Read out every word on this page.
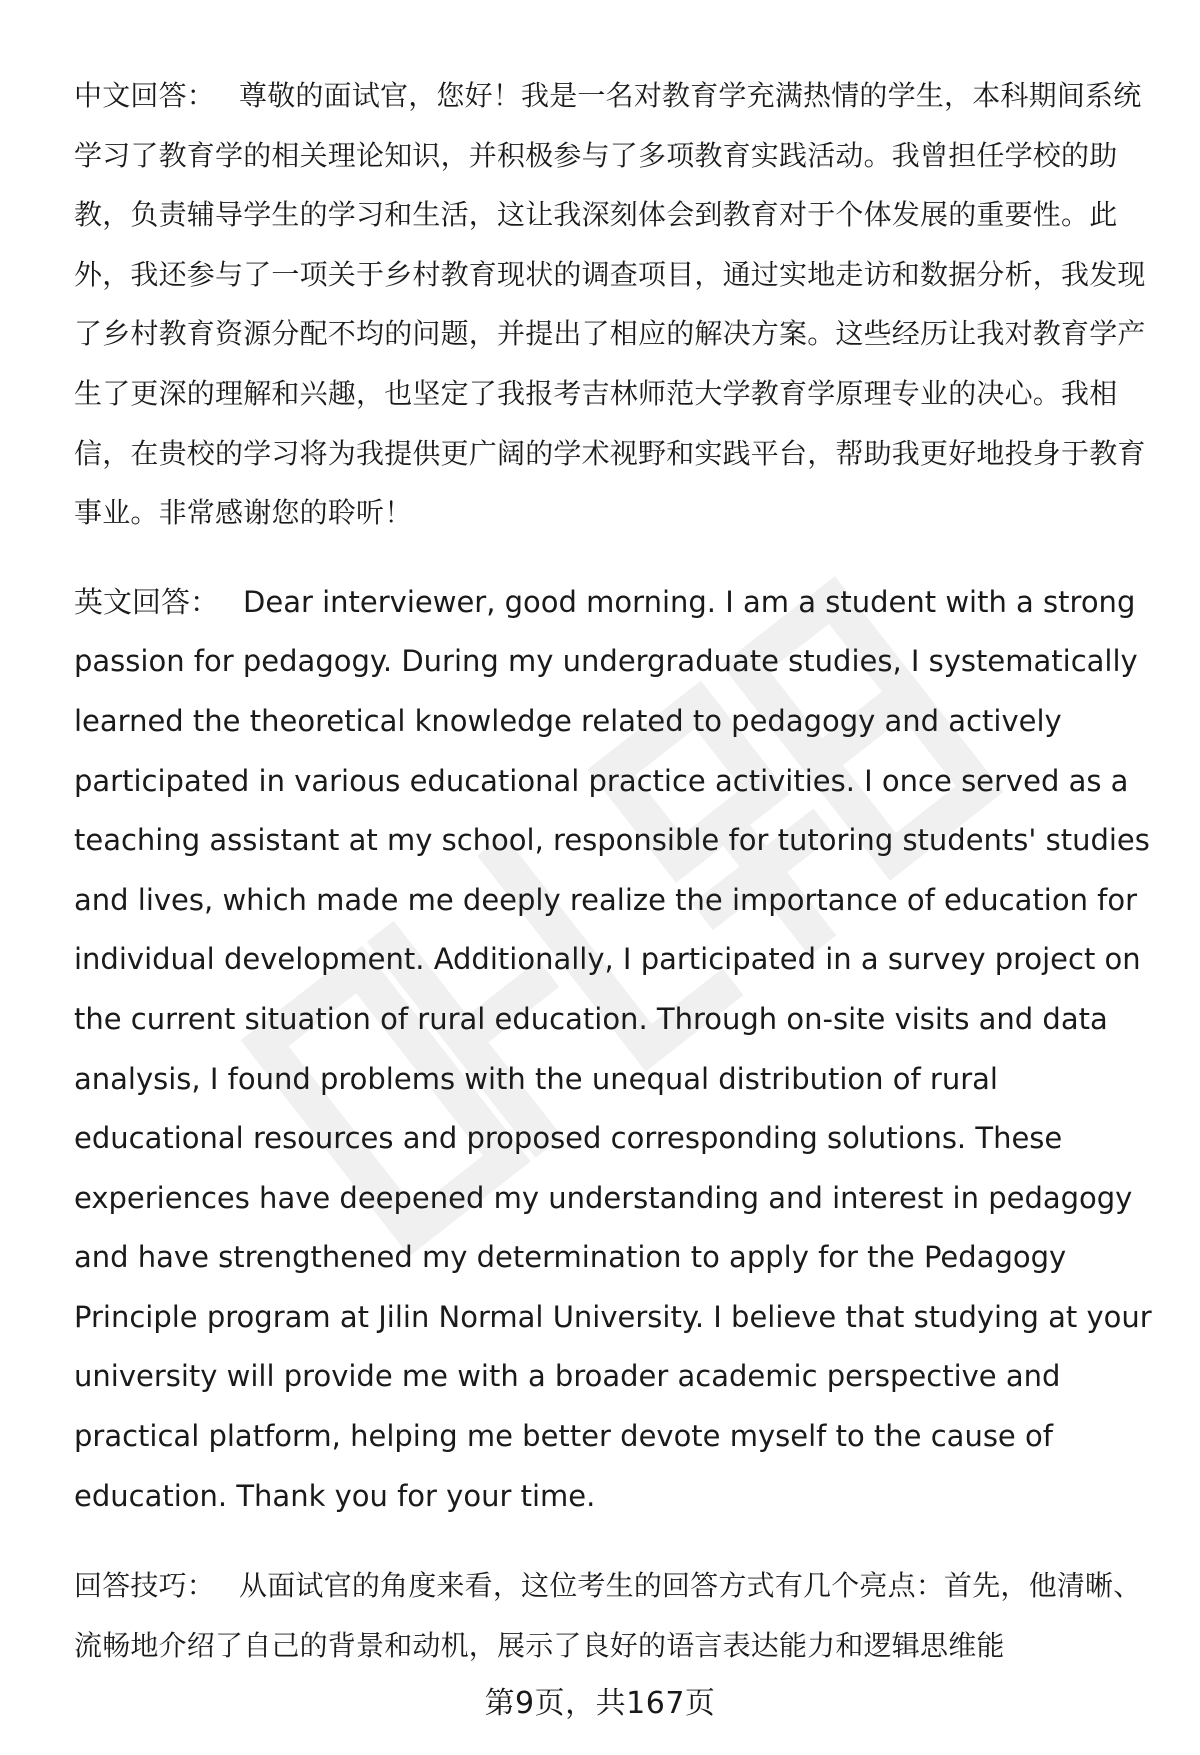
中文回答： 尊敬的面试官，您好！我是一名对教育学充满热情的学生，本科期间系统学习了教育学的相关理论知识，并积极参与了多项教育实践活动。我曾担任学校的助教，负责辅导学生的学习和生活，这让我深刻体会到教育对于个体发展的重要性。此外，我还参与了一项关于乡村教育现状的调查项目，通过实地走访和数据分析，我发现了乡村教育资源分配不均的问题，并提出了相应的解决方案。这些经历让我对教育学产生了更深的理解和兴趣，也坚定了我报考吉林师范大学教育学原理专业的决心。我相信，在贵校的学习将为我提供更广阔的学术视野和实践平台，帮助我更好地投身于教育事业。非常感谢您的聆听！

英文回答： Dear interviewer, good morning. I am a student with a strong passion for pedagogy. During my undergraduate studies, I systematically learned the theoretical knowledge related to pedagogy and actively participated in various educational practice activities. I once served as a teaching assistant at my school, responsible for tutoring students' studies and lives, which made me deeply realize the importance of education for individual development. Additionally, I participated in a survey project on the current situation of rural education. Through on-site visits and data analysis, I found problems with the unequal distribution of rural educational resources and proposed corresponding solutions. These experiences have deepened my understanding and interest in pedagogy and have strengthened my determination to apply for the Pedagogy Principle program at Jilin Normal University. I believe that studying at your university will provide me with a broader academic perspective and practical platform, helping me better devote myself to the cause of education. Thank you for your time.

回答技巧： 从面试官的角度来看，这位考生的回答方式有几个亮点：首先，他清晰、流畅地介绍了自己的背景和动机，展示了良好的语言表达能力和逻辑思维能

第9页，共167页
